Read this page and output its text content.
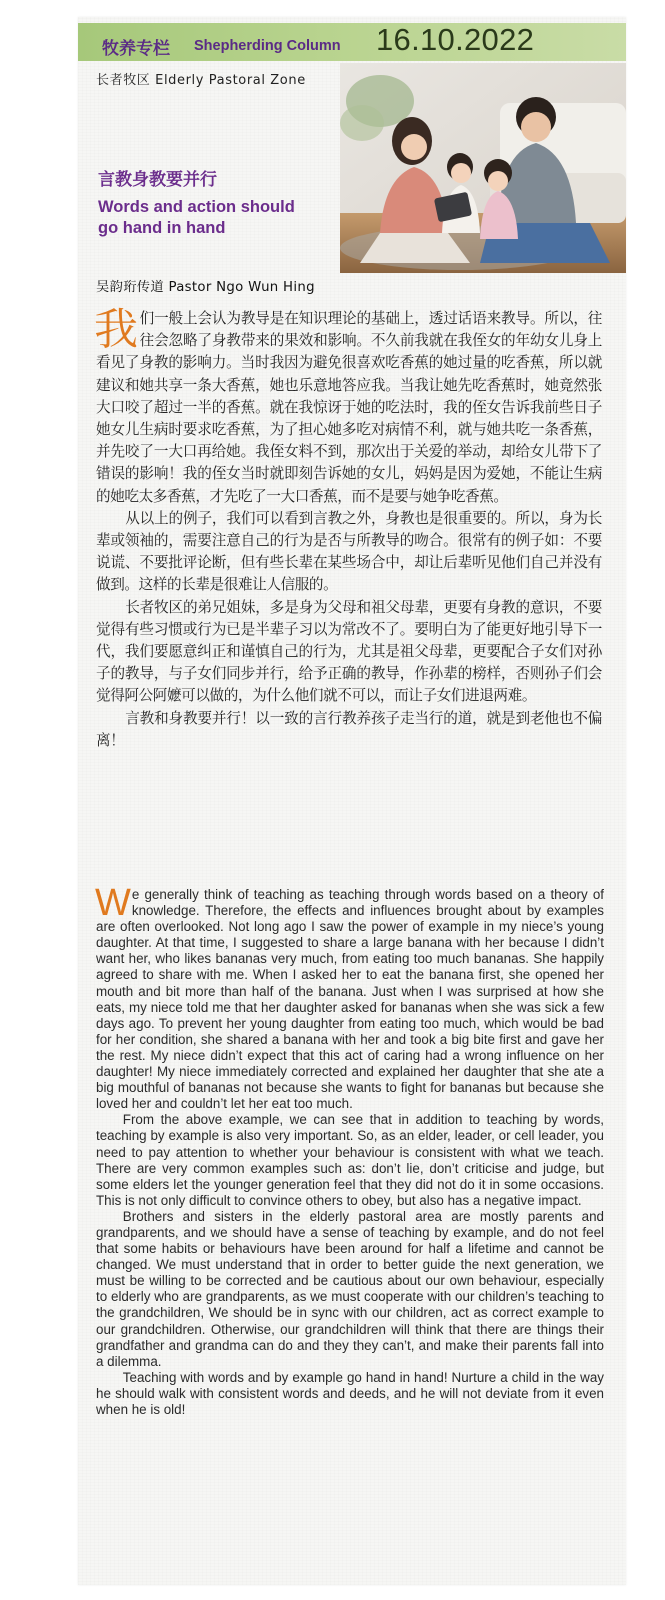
牧养专栏 Shepherding Column 16.10.2022
长者牧区 Elderly Pastoral Zone
言教身教要并行
Words and action should
go hand in hand
吴韵珩传道 Pastor Ngo Wun Hing

我们一般上会认为教导是在知识理论的基础上，透过话语来教导。所以，往往会忽略了身教带来的果效和影响。不久前我就在我侄女的年幼女儿身上看见了身教的影响力。当时我因为避免很喜欢吃香蕉的她过量的吃香蕉，所以就建议和她共享一条大香蕉，她也乐意地答应我。当我让她先吃香蕉时，她竟然张大口咬了超过一半的香蕉。就在我惊讶于她的吃法时，我的侄女告诉我前些日子她女儿生病时要求吃香蕉，为了担心她多吃对病情不利，就与她共吃一条香蕉，并先咬了一大口再给她。我侄女料不到，那次出于关爱的举动，却给女儿带下了错误的影响！我的侄女当时就即刻告诉她的女儿，妈妈是因为爱她，不能让生病的她吃太多香蕉，才先吃了一大口香蕉，而不是要与她争吃香蕉。

从以上的例子，我们可以看到言教之外，身教也是很重要的。所以，身为长辈或领袖的，需要注意自己的行为是否与所教导的吻合。很常有的例子如：不要说谎、不要批评论断，但有些长辈在某些场合中，却让后辈听见他们自己并没有做到。这样的长辈是很难让人信服的。

长者牧区的弟兄姐妹，多是身为父母和祖父母辈，更要有身教的意识，不要觉得有些习惯或行为已是半辈子习以为常改不了。要明白为了能更好地引导下一代，我们要愿意纠正和谨慎自己的行为，尤其是祖父母辈，更要配合子女们对孙子的教导，与子女们同步并行，给予正确的教导，作孙辈的榜样，否则孙子们会觉得阿公阿嬷可以做的，为什么他们就不可以，而让子女们进退两难。

言教和身教要并行！以一致的言行教养孩子走当行的道，就是到老他也不偏离！

We generally think of teaching as teaching through words based on a theory of knowledge. Therefore, the effects and influences brought about by examples are often overlooked. Not long ago I saw the power of example in my niece’s young daughter. At that time, I suggested to share a large banana with her because I didn’t want her, who likes bananas very much, from eating too much bananas. She happily agreed to share with me. When I asked her to eat the banana first, she opened her mouth and bit more than half of the banana. Just when I was surprised at how she eats, my niece told me that her daughter asked for bananas when she was sick a few days ago. To prevent her young daughter from eating too much, which would be bad for her condition, she shared a banana with her and took a big bite first and gave her the rest. My niece didn’t expect that this act of caring had a wrong influence on her daughter! My niece immediately corrected and explained her daughter that she ate a big mouthful of bananas not because she wants to fight for bananas but because she loved her and couldn’t let her eat too much.

From the above example, we can see that in addition to teaching by words, teaching by example is also very important. So, as an elder, leader, or cell leader, you need to pay attention to whether your behaviour is consistent with what we teach. There are very common examples such as: don’t lie, don’t criticise and judge, but some elders let the younger generation feel that they did not do it in some occasions. This is not only difficult to convince others to obey, but also has a negative impact.

Brothers and sisters in the elderly pastoral area are mostly parents and grandparents, and we should have a sense of teaching by example, and do not feel that some habits or behaviours have been around for half a lifetime and cannot be changed. We must understand that in order to better guide the next generation, we must be willing to be corrected and be cautious about our own behaviour, especially to elderly who are grandparents, as we must cooperate with our children’s teaching to the grandchildren, We should be in sync with our children, act as correct example to our grandchildren. Otherwise, our grandchildren will think that there are things their grandfather and grandma can do and they they can’t, and make their parents fall into a dilemma.

Teaching with words and by example go hand in hand! Nurture a child in the way he should walk with consistent words and deeds, and he will not deviate from it even when he is old!
